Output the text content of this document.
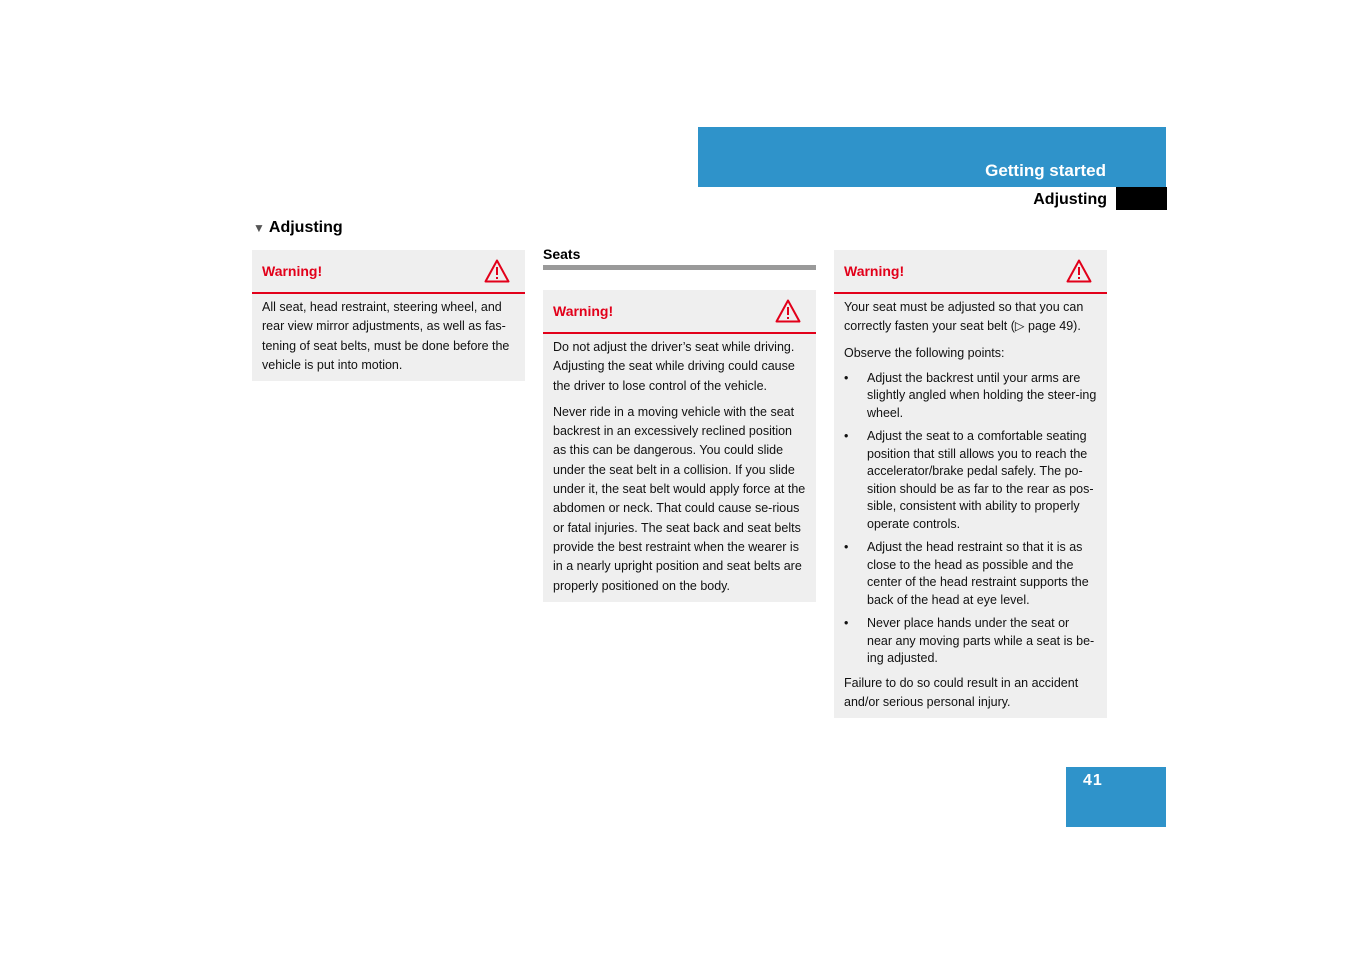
Getting started
Adjusting
▼ Adjusting
Warning!

All seat, head restraint, steering wheel, and rear view mirror adjustments, as well as fas-tening of seat belts, must be done before the vehicle is put into motion.

Seats
Warning!

Do not adjust the driver’s seat while driving. Adjusting the seat while driving could cause the driver to lose control of the vehicle.

Never ride in a moving vehicle with the seat backrest in an excessively reclined position as this can be dangerous. You could slide under the seat belt in a collision. If you slide under it, the seat belt would apply force at the abdomen or neck. That could cause se-rious or fatal injuries. The seat back and seat belts provide the best restraint when the wearer is in a nearly upright position and seat belts are properly positioned on the body.

Warning!

Your seat must be adjusted so that you can correctly fasten your seat belt (▷ page 49).

Observe the following points:

• Adjust the backrest until your arms are slightly angled when holding the steer-ing wheel.
• Adjust the seat to a comfortable seating position that still allows you to reach the accelerator/brake pedal safely. The po-sition should be as far to the rear as pos-sible, consistent with ability to properly operate controls.
• Adjust the head restraint so that it is as close to the head as possible and the center of the head restraint supports the back of the head at eye level.
• Never place hands under the seat or near any moving parts while a seat is be-ing adjusted.

Failure to do so could result in an accident and/or serious personal injury.

41
